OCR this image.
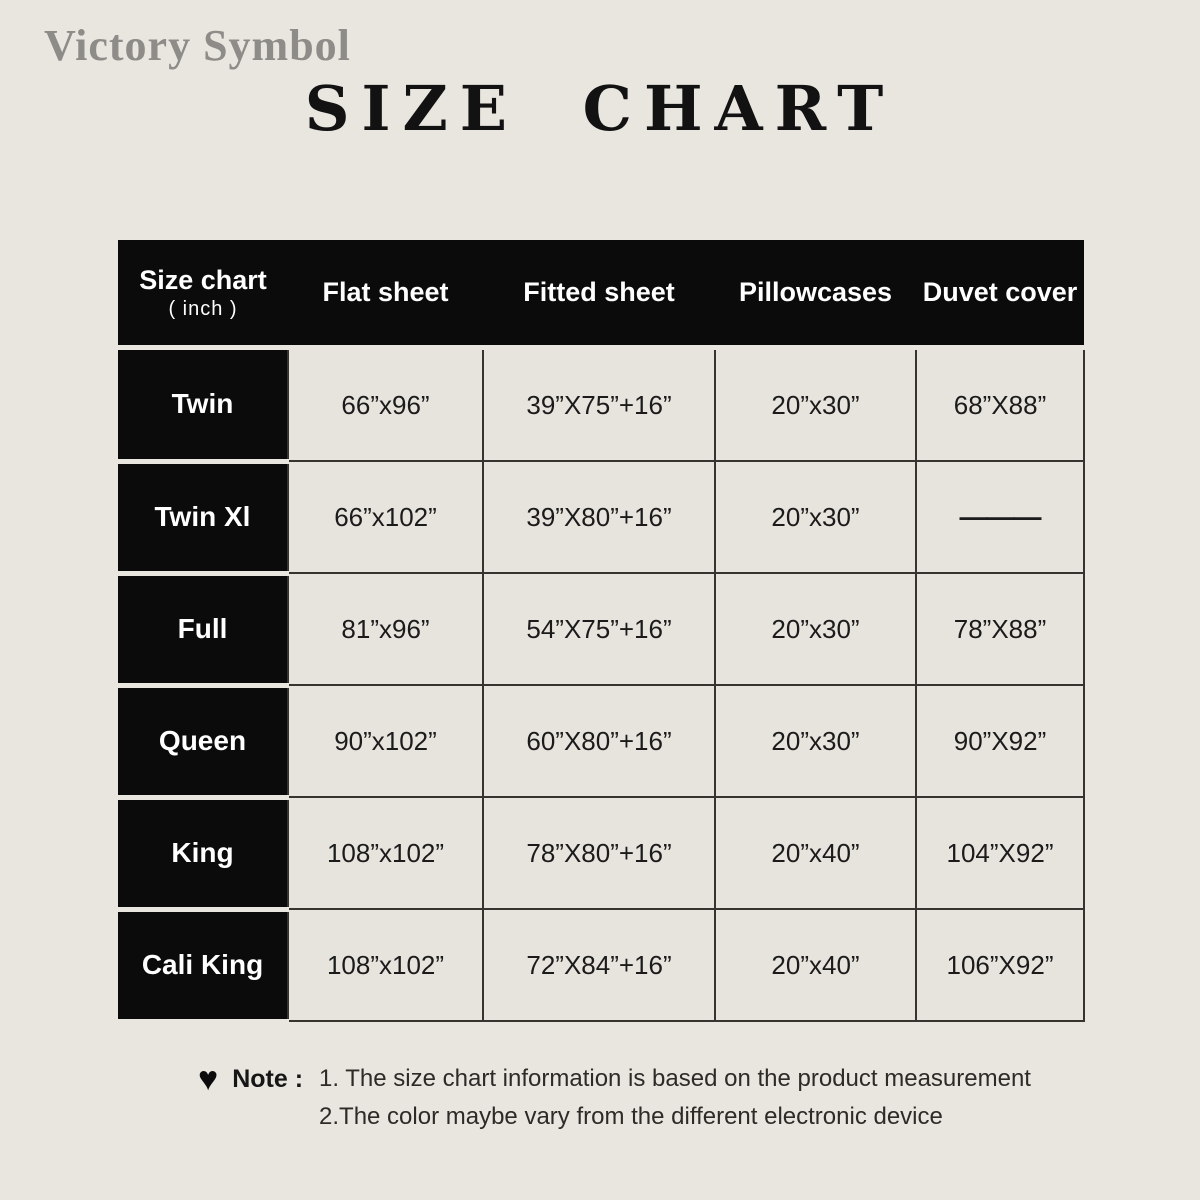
Victory Symbol
SIZE CHART
Size chart
( inch )	Flat sheet	Fitted sheet	Pillowcases	Duvet cover
Twin	66”x96”	39”X75”+16”	20”x30”	68”X88”
Twin Xl	66”x102”	39”X80”+16”	20”x30”	———
Full	81”x96”	54”X75”+16”	20”x30”	78”X88”
Queen	90”x102”	60”X80”+16”	20”x30”	90”X92”
King	108”x102”	78”X80”+16”	20”x40”	104”X92”
Cali King	108”x102”	72”X84”+16”	20”x40”	106”X92”
♥ Note : 1. The size chart information is based on the product measurement
2.The color maybe vary from the different electronic device
